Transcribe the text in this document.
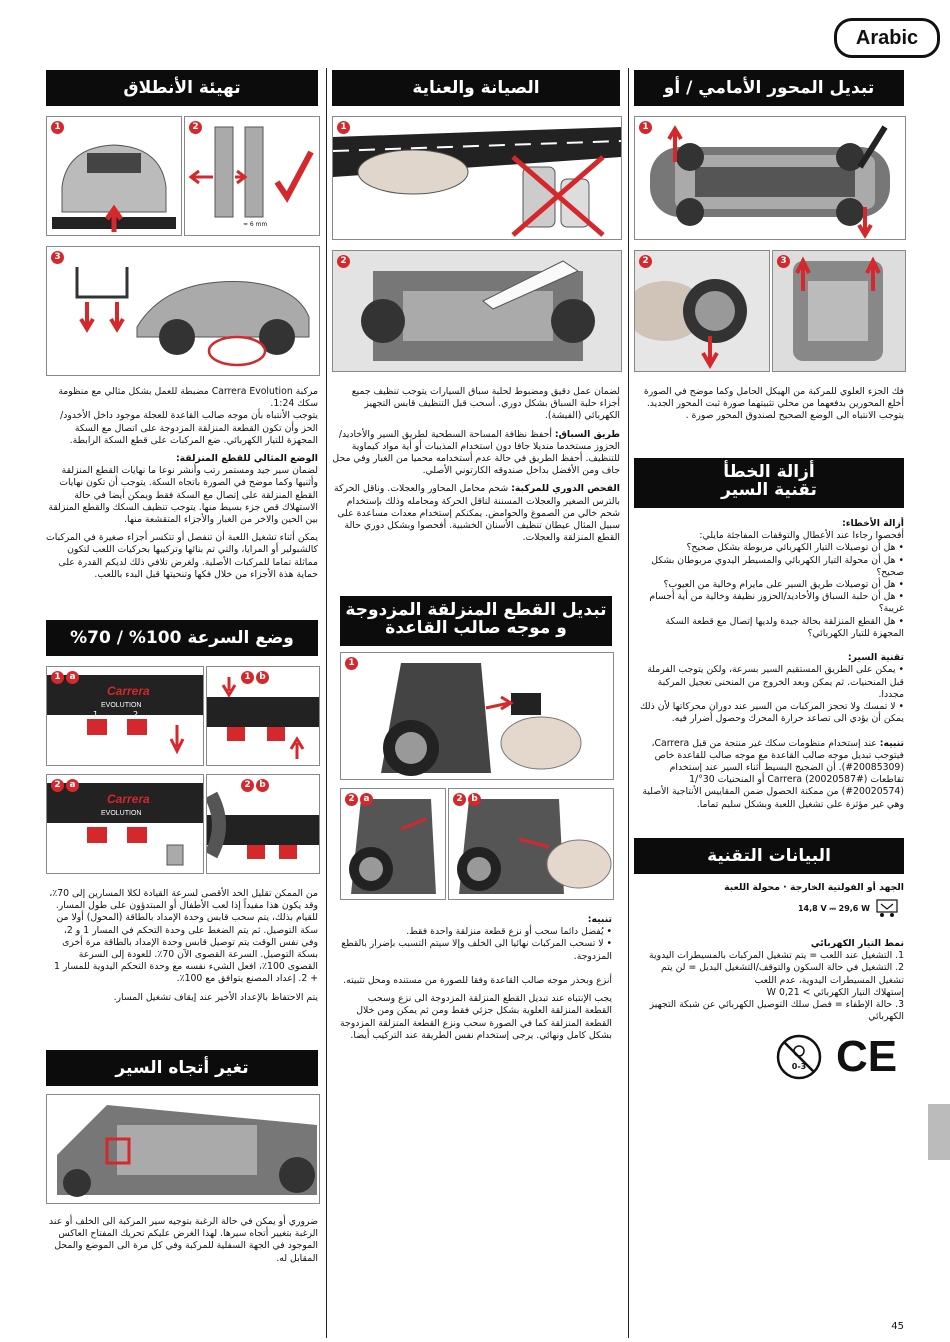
Arabic
تبديل المحور الأمامي / أو
1
2	3

فك الجزء العلوي للمركبة من الهيكل الحامل وكما موضح في الصورة
أخلع المحورين بدفعهما من محلي تثبيتهما صورة ثبت المحور الجديد. يتوجب الانتباه الى الوضع الصحيح لصندوق المحور صورة .

أزالة الخطأ
تقنية السير
أزالة الأخطاء:
أفحصوا رجاءا عند الأعطال والتوقفات المفاجئة مايلي:
• هل أن توصيلات التيار الكهربائي مربوطة بشكل صحيح؟
• هل أن محولة التيار الكهربائي والمسيطر اليدوي مربوطان بشكل صحيح؟
• هل أن توصيلات طريق السير على مايرام وخالية من العيوب؟
• هل أن حلبة السباق والأخاديد/الحزوز نظيفة وخالية من أية أجسام غريبة؟
• هل القطع المنزلقة بحالة جيدة ولديها إتصال مع قطعة السكة المجهزة للتيار الكهربائي؟

تقنية السير:
• يمكن على الطريق المستقيم السير بسرعة، ولكن يتوجب الفرملة قبل المنحنيات. ثم يمكن وبعد الخروج من المنحنى تعجيل المركبة مجددا.
• لا تمسك ولا تحجز المركبات من السير عند دوران محركاتها لأن ذلك يمكن أن يؤدي الى تصاعد حرارة المحرك وحصول أضرار فيه.

تنبيه: عند إستخدام منظومات سكك غير منتجة من قبل Carrera، فيتوجب تبديل موجه صالب القاعدة مع موجه صالب للقاعدة خاص (20085309#). أن الضجيج البسيط أثناء السير عند إستخدام تقاطعات Carrera (20020587#) أو المنحنيات 30°/1 (20020574#) من ممكنة الحصول ضمن المقاييس الأنتاجية الأصلية وهي غير مؤثرة على تشغيل اللعبة وبشكل سليم تماما.
البيانات التقنية
الجهد أو الفولتية الخارجة · محولة اللعبة
14,8 V ⎓ 29,6 W
نمط التيار الكهربائي
1. التشغيل عند اللعب = يتم تشغيل المركبات بالمسيطرات اليدوية
2. التشغيل في حالة السكون والتوقف/التشغيل البديل = لن يتم تشغيل المسيطرات اليدوية، عدم اللعب
إستهلاك التيار الكهربائي > 0,21 W
3. حالة الإطفاء = فصل سلك التوصيل الكهربائي عن شبكة التجهيز الكهربائي
0-3 CE
الصيانة والعناية
1
2

لضمان عمل دقيق ومضبوط لحلبة سباق السيارات يتوجب تنظيف جميع أجزاء حلبة السباق بشكل دوري. أسحب قبل التنظيف قابس التجهيز الكهربائي (الفيشة).

طريق السباق: أحفظ نظافة المساحة السطحية لطريق السير والأخاديد/الحزوز مستخدما منديلا جافا دون استخدام المذيبات أو أية مواد كيماوية للتنظيف. أحفظ الطريق في حالة عدم أستخدامه محميا من الغبار وفي محل جاف ومن الأفضل بداخل صندوقه الكارتوني الأصلي.

الفحص الدوري للمركبة: شحم محامل المحاور والعجلات. وناقل الحركة بالترس الصغير والعجلات المسننة لناقل الحركة ومحامله وذلك بإستخدام شحم خالي من الصموغ والحوامض. يمكنكم إستخدام معدات مساعدة على سبيل المثال عيطان تنظيف الأسنان الخشبية. أفحصوا وبشكل دوري حالة القطع المنزلقة والعجلات.

تبديل القطع المنزلقة المزدوجة
و موجه صالب القاعدة
1
2 a	2 b
تنبيه:
• يُفضل دائما سحب أو نزع قطعة منزلقة واحدة فقط.
• لا تسحب المركبات نهائيا الى الخلف وإلا سيتم التسبب بإضرار بالقطع المزدوجة.

أنزع وبحذر موجه صالب القاعدة وفقا للصورة من مستنده ومحل تثبيته.

يجب الإنتباه عند تبديل القطع المنزلقة المزدوجة الى نزع وسحب القطعة المنزلقة العلوية بشكل جزئي فقط ومن ثم يمكن ومن خلال القطعة المنزلقة كما في الصورة سحب ونزع القطعة المنزلقة المزدوجة بشكل كامل ونهائي. يرجى إستخدام نفس الطريقة عند التركيب أيضا.

تهيئة الأنطلاق
1	2
≈ 6 mm
3

مركبة Carrera Evolution مضبطة للعمل بشكل مثالي مع منظومة سكك 1:24.
يتوجب الأنتباه بأن موجه صالب القاعدة للعجلة موجود داخل الأخدود/الحز وأن تكون القطعة المنزلقة المزدوجة على اتصال مع السكة المجهزة للتيار الكهربائي. ضع المركبات على قطع السكة الرابطة.

الوضع المثالي للقطع المنزلقة:
لضمان سير جيد ومستمر رتب وأنشر نوعا ما نهايات القطع المنزلقة وأثنيها وكما موضح في الصورة باتجاه السكة. يتوجب أن تكون نهايات القطع المنزلقة على إتصال مع السكة فقط ويمكن أيضا في حالة الاستهلاك قص جزء بسيط منها. يتوجب تنظيف السكك والقطع المنزلقة بين الحين والاخر من الغبار والأجزاء المتقشعة منها.

يمكن أثناء تشغيل اللعبة أن تنفصل أو تتكسر أجزاء صغيرة في المركبات كالشبولير أو المرايا، والتي تم بنائها وتركيبها بحركيات اللعب لتكون مماثلة تماما للمركبات الأصلية. ولغرض تلافي ذلك لديكم القدرة على حماية هذة الأجزاء من خلال فكها وتنحيتها قبل البدء باللعب.

وضع السرعة 100% / 70%
Carrera
EVOLUTION
1	2
1 a	1 b
Carrera
EVOLUTION
2 a	2 b

من الممكن تقليل الحد الأقصى لسرعة القيادة لكلا المسارين إلى 70٪، وقد يكون هذا مفيداً إذا لعب الأطفال أو المبتدؤون على طول المسار. للقيام بذلك، يتم سحب قابس وحدة الإمداد بالطاقة (المحول) أولا من سكة التوصيل. ثم يتم الضغط على وحدة التحكم في المسار 1 و 2، وفي نفس الوقت يتم توصيل قابس وحدة الإمداد بالطاقة مرة أخرى بسكة التوصيل. السرعة القصوى الآن 70٪. للعودة إلى السرعة القصوى 100٪، افعل الشيء نفسه مع وحدة التحكم اليدوية للمسار 1 + 2. إعداد المصنع يتوافق مع 100٪.

يتم الاحتفاظ بالإعداد الأخير عند إيقاف تشغيل المسار.

تغير أتجاه السير

ضروري أو يمكن في حالة الرغبة بتوجيه سير المركبة الى الخلف أو عند الرغبة بتغيير أتجاه سيرها. لهذا الغرض عليكم تحريك المفتاح العاكس الموجود في الجهة السفلية للمركبة وفي كل مرة الى الموضع والمحل المقابل له.

45
